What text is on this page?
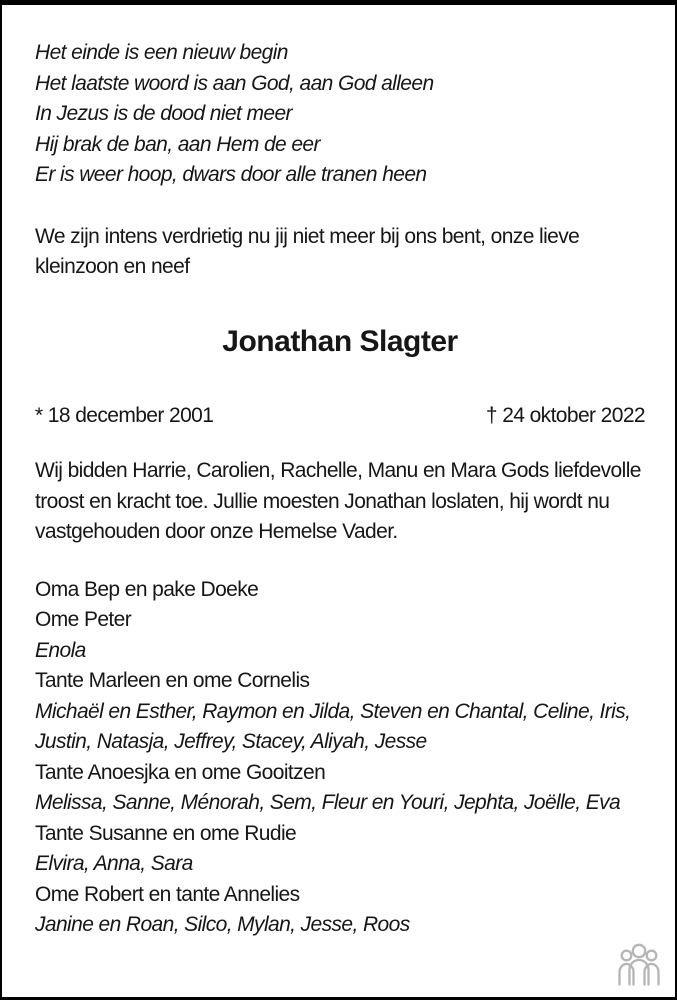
Het einde is een nieuw begin
Het laatste woord is aan God, aan God alleen
In Jezus is de dood niet meer
Hij brak de ban, aan Hem de eer
Er is weer hoop, dwars door alle tranen heen
We zijn intens verdrietig nu jij niet meer bij ons bent, onze lieve kleinzoon en neef
Jonathan Slagter
* 18 december 2001	† 24 oktober 2022
Wij bidden Harrie, Carolien, Rachelle, Manu en Mara Gods liefdevolle troost en kracht toe. Jullie moesten Jonathan loslaten, hij wordt nu vastgehouden door onze Hemelse Vader.
Oma Bep en pake Doeke
Ome Peter
Enola
Tante Marleen en ome Cornelis
Michaël en Esther, Raymon en Jilda, Steven en Chantal, Celine, Iris, Justin, Natasja, Jeffrey, Stacey, Aliyah, Jesse
Tante Anoesjka en ome Gooitzen
Melissa, Sanne, Ménorah, Sem, Fleur en Youri, Jephta, Joëlle, Eva
Tante Susanne en ome Rudie
Elvira, Anna, Sara
Ome Robert en tante Annelies
Janine en Roan, Silco, Mylan, Jesse, Roos
